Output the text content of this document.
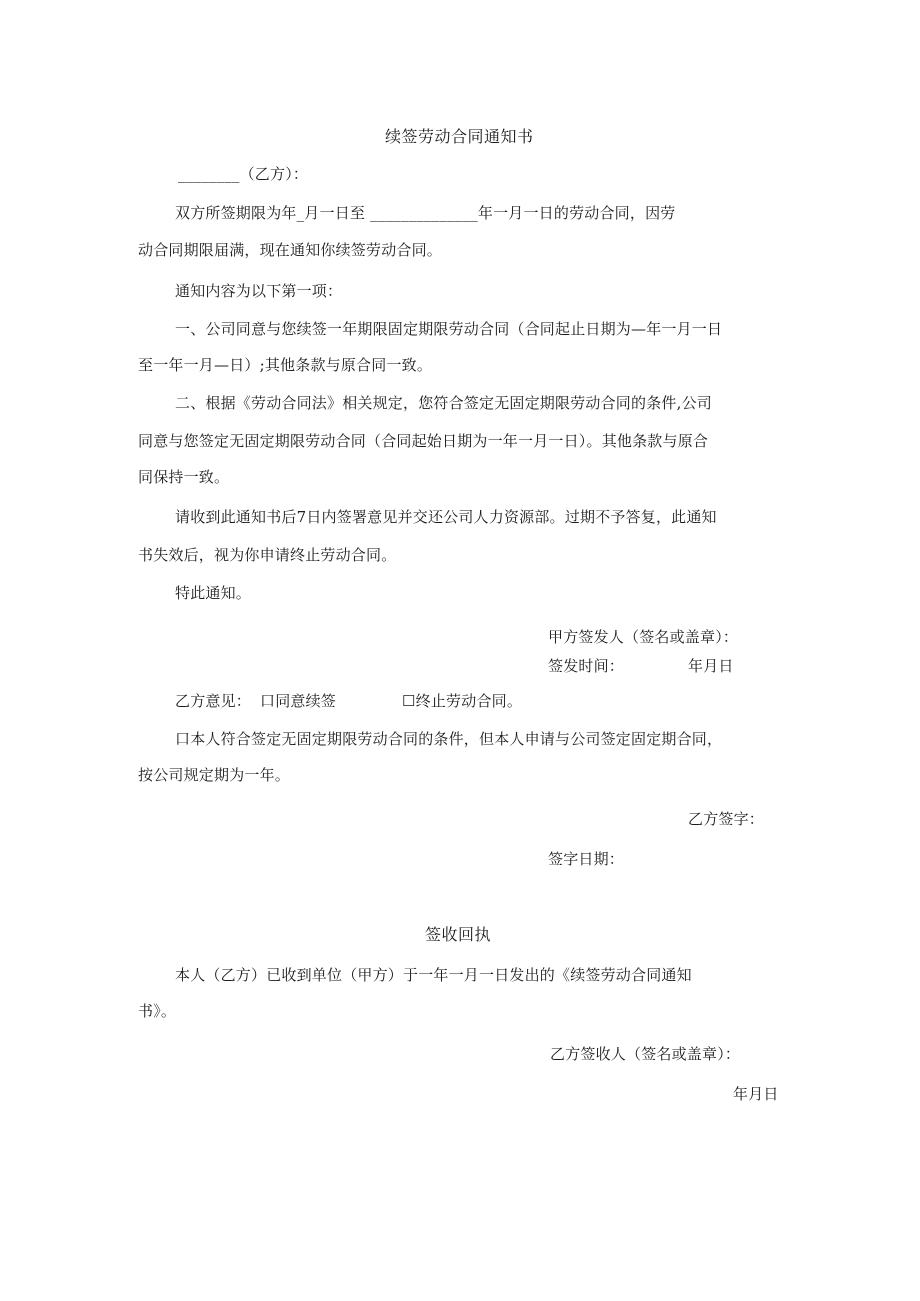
续签劳动合同通知书
________（乙方）：
双方所签期限为年_月一日至 ______________年一月一日的劳动合同，因劳
动合同期限届满，现在通知你续签劳动合同。
通知内容为以下第一项：
一、公司同意与您续签一年期限固定期限劳动合同（合同起止日期为—年一月一日
至一年一月—日）;其他条款与原合同一致。
二、根据《劳动合同法》相关规定，您符合签定无固定期限劳动合同的条件,公司
同意与您签定无固定期限劳动合同（合同起始日期为一年一月一日）。其他条款与原合
同保持一致。
请收到此通知书后7日内签署意见并交还公司人力资源部。过期不予答复，此通知
书失效后，视为你申请终止劳动合同。
特此通知。
甲方签发人（签名或盖章）：
签发时间：	年月日
乙方意见： 口同意续签	☐终止劳动合同。
口本人符合签定无固定期限劳动合同的条件，但本人申请与公司签定固定期合同，
按公司规定期为一年。
乙方签字：
签字日期：
签收回执
本人（乙方）已收到单位（甲方）于一年一月一日发出的《续签劳动合同通知
书》。
乙方签收人（签名或盖章）：
年月日
